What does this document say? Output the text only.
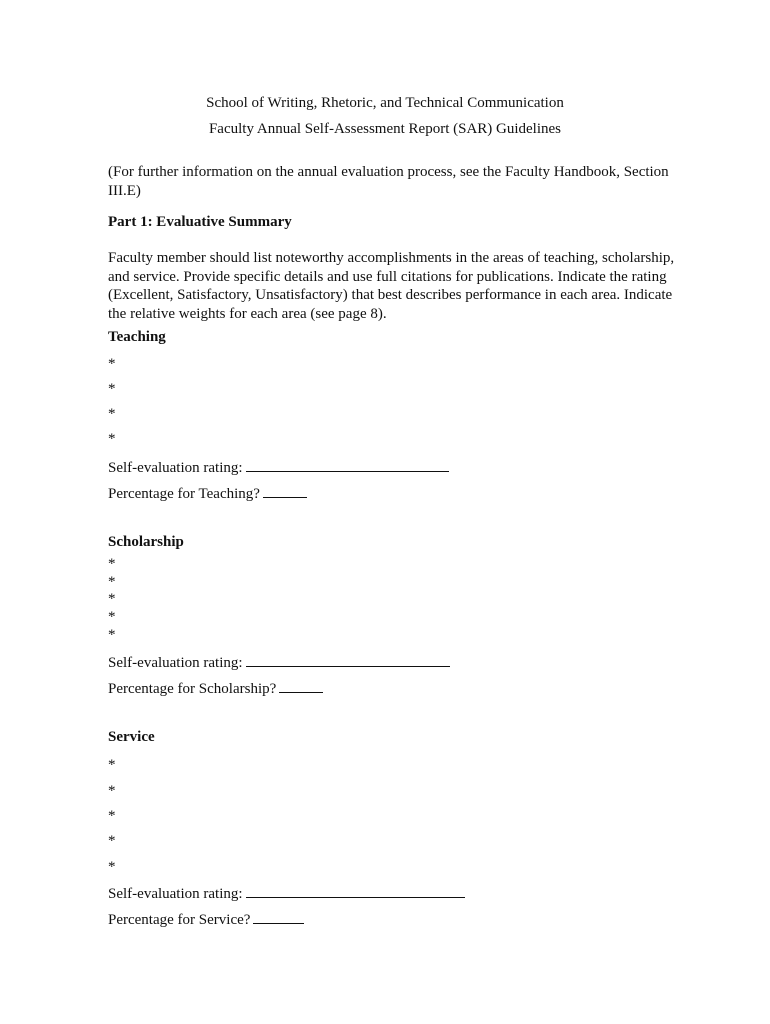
School of Writing, Rhetoric, and Technical Communication
Faculty Annual Self-Assessment Report (SAR) Guidelines
(For further information on the annual evaluation process, see the Faculty Handbook, Section III.E)
Part 1: Evaluative Summary
Faculty member should list noteworthy accomplishments in the areas of teaching, scholarship, and service. Provide specific details and use full citations for publications. Indicate the rating (Excellent, Satisfactory, Unsatisfactory) that best describes performance in each area. Indicate the relative weights for each area (see page 8).
Teaching
*
*
*
*
Self-evaluation rating:
Percentage for Teaching?
Scholarship
*
*
*
*
*
Self-evaluation rating:
Percentage for Scholarship?
Service
*
*
*
*
*
Self-evaluation rating:
Percentage for Service?
